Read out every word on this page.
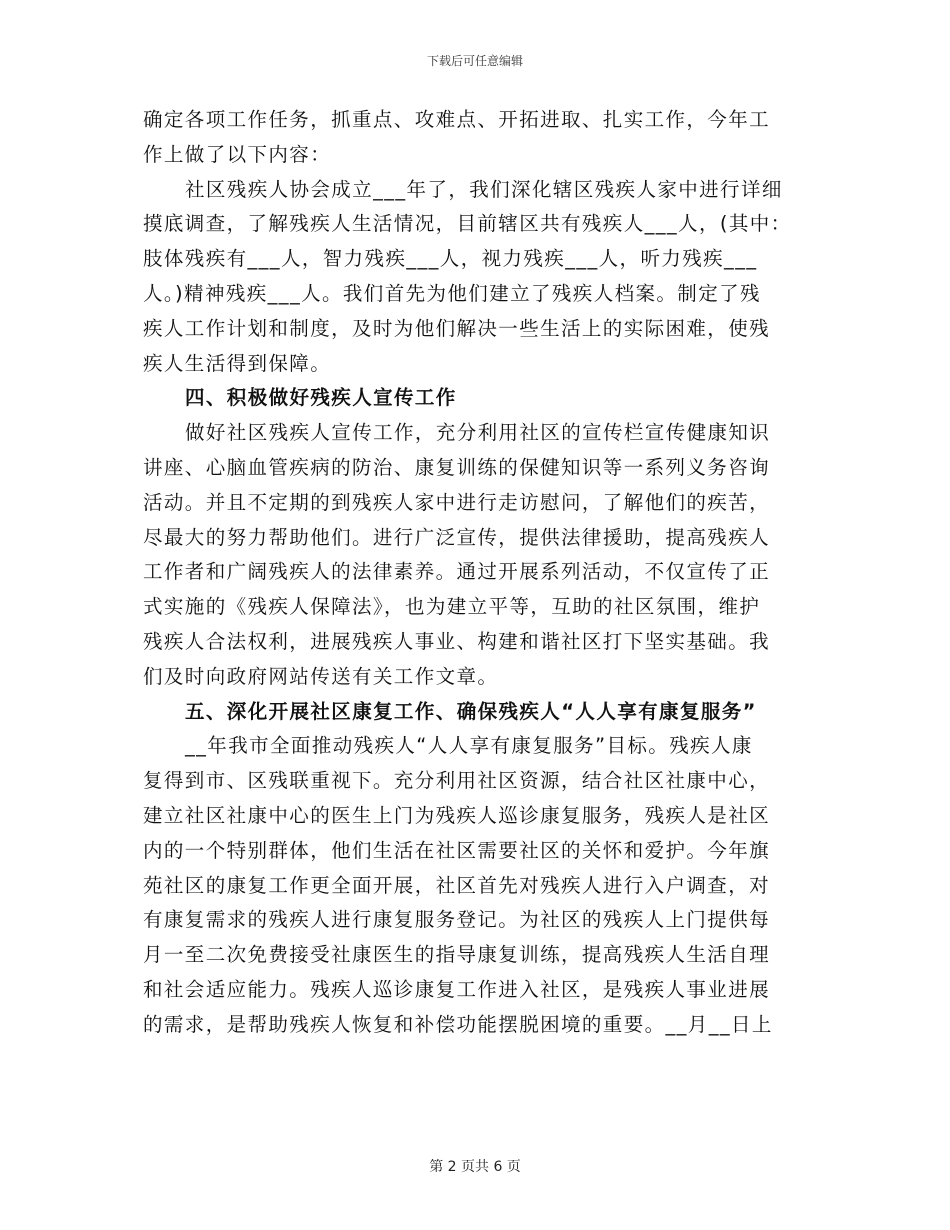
下载后可任意编辑
确定各项工作任务，抓重点、攻难点、开拓进取、扎实工作，今年工
作上做了以下内容：
社区残疾人协会成立___年了，我们深化辖区残疾人家中进行详细
摸底调查，了解残疾人生活情况，目前辖区共有残疾人___人，(其中：
肢体残疾有___人，智力残疾___人，视力残疾___人，听力残疾___
人。)精神残疾___人。我们首先为他们建立了残疾人档案。制定了残
疾人工作计划和制度，及时为他们解决一些生活上的实际困难，使残
疾人生活得到保障。
四、积极做好残疾人宣传工作
做好社区残疾人宣传工作，充分利用社区的宣传栏宣传健康知识
讲座、心脑血管疾病的防治、康复训练的保健知识等一系列义务咨询
活动。并且不定期的到残疾人家中进行走访慰问，了解他们的疾苦，
尽最大的努力帮助他们。进行广泛宣传，提供法律援助，提高残疾人
工作者和广阔残疾人的法律素养。通过开展系列活动，不仅宣传了正
式实施的《残疾人保障法》，也为建立平等，互助的社区氛围，维护
残疾人合法权利，进展残疾人事业、构建和谐社区打下坚实基础。我
们及时向政府网站传送有关工作文章。
五、深化开展社区康复工作、确保残疾人“人人享有康复服务”
__年我市全面推动残疾人“人人享有康复服务”目标。残疾人康
复得到市、区残联重视下。充分利用社区资源，结合社区社康中心，
建立社区社康中心的医生上门为残疾人巡诊康复服务，残疾人是社区
内的一个特别群体，他们生活在社区需要社区的关怀和爱护。今年旗
苑社区的康复工作更全面开展，社区首先对残疾人进行入户调查，对
有康复需求的残疾人进行康复服务登记。为社区的残疾人上门提供每
月一至二次免费接受社康医生的指导康复训练，提高残疾人生活自理
和社会适应能力。残疾人巡诊康复工作进入社区，是残疾人事业进展
的需求，是帮助残疾人恢复和补偿功能摆脱困境的重要。__月__日上
第 2 页共 6 页
